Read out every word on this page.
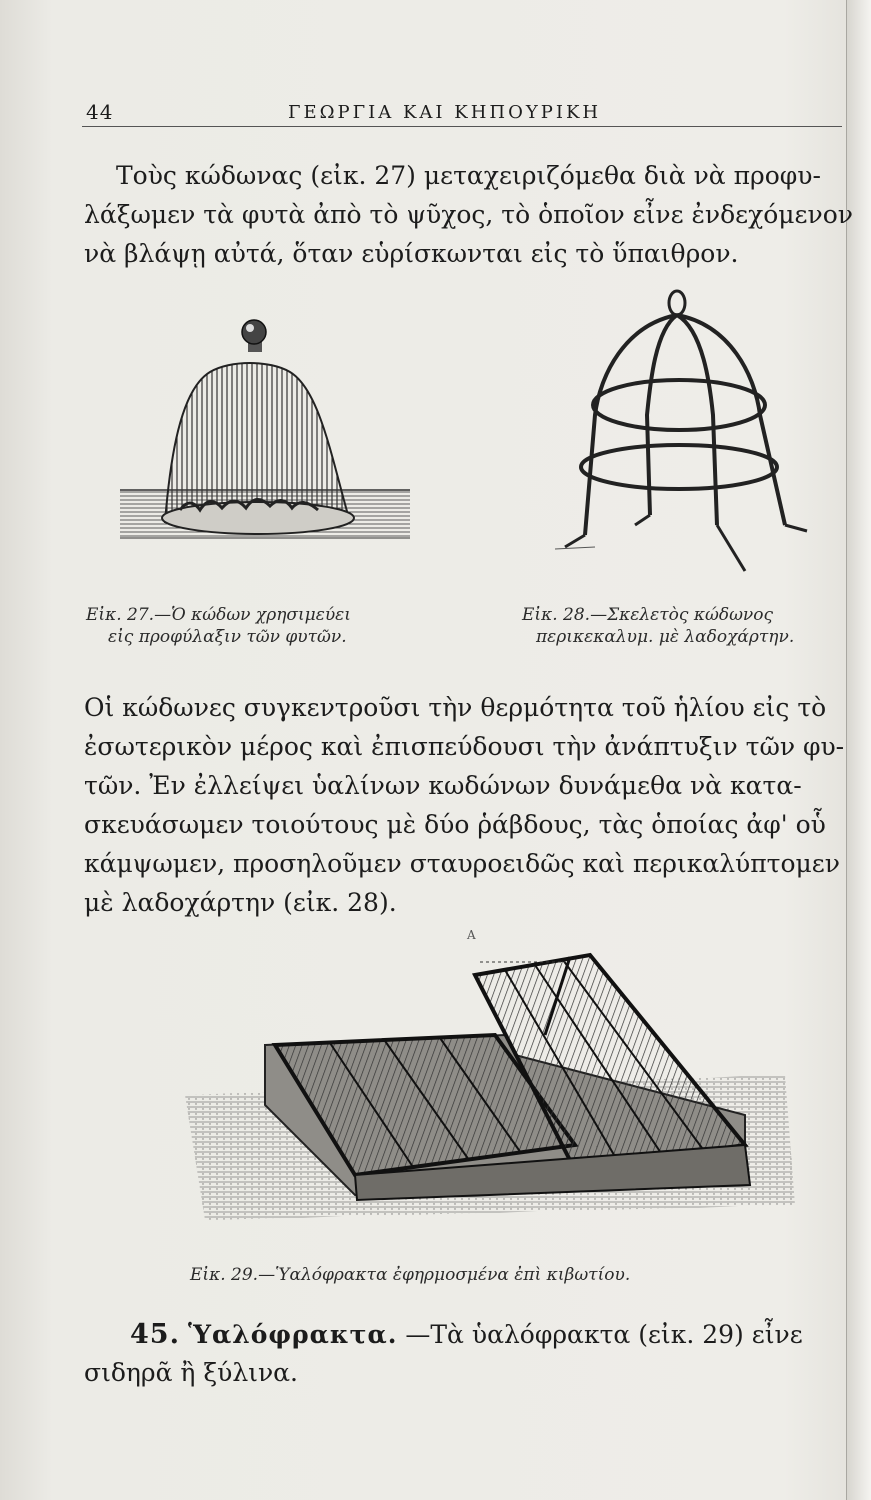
44	ΓΕΩΡΓΙΑ ΚΑΙ ΚΗΠΟΥΡΙΚΗ

Τοὺς κώδωνας (εἰκ. 27) μεταχειριζόμεθα διὰ νὰ προφυ-
λάξωμεν τὰ φυτὰ ἀπὸ τὸ ψῦχος, τὸ ὁποῖον εἶνε ἐνδεχόμενον
νὰ βλάψῃ αὐτά, ὅταν εὑρίσκωνται εἰς τὸ ὕπαιθρον.

Εἰκ. 27.—Ὁ κώδων χρησιμεύει
εἰς προφύλαξιν τῶν φυτῶν.
Εἰκ. 28.—Σκελετὸς κώδωνος
περικεκαλυμ. μὲ λαδοχάρτην.

Οἱ κώδωνες συγκεντροῦσι τὴν θερμότητα τοῦ ἡλίου εἰς τὸ
ἐσωτερικὸν μέρος καὶ ἐπισπεύδουσι τὴν ἀνάπτυξιν τῶν φυ-
τῶν. Ἐν ἐλλείψει ὑαλίνων κωδώνων δυνάμεθα νὰ κατα-
σκευάσωμεν τοιούτους μὲ δύο ῥάβδους, τὰς ὁποίας ἀφ' οὗ
κάμψωμεν, προσηλοῦμεν σταυροειδῶς καὶ περικαλύπτομεν
μὲ λαδοχάρτην (εἰκ. 28).

Α
Εἰκ. 29.—Ὑαλόφρακτα ἐφηρμοσμένα ἐπὶ κιβωτίου.
45. Ὑαλόφρακτα. —Τὰ ὑαλόφρακτα (εἰκ. 29) εἶνε
σιδηρᾶ ἢ ξύλινα.
